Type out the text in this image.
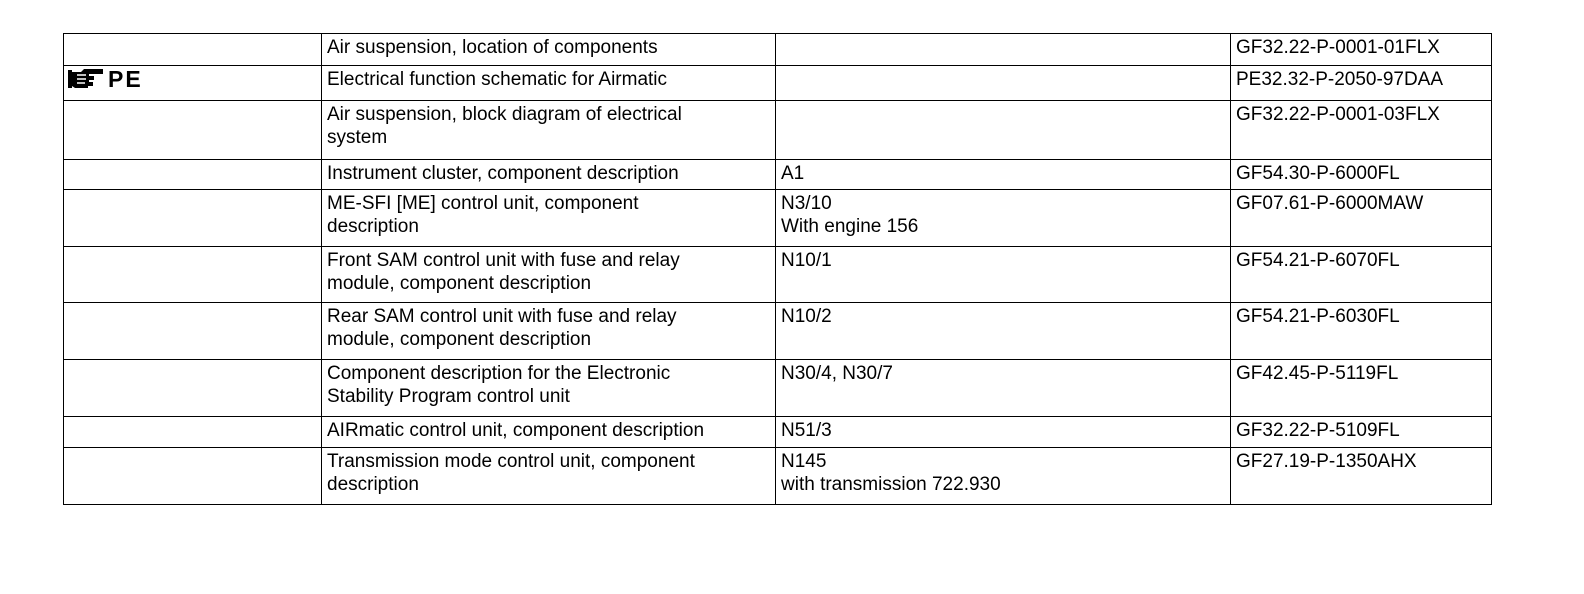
	Air suspension, location of components		GF32.22-P-0001-01FLX

PE	Electrical function schematic for Airmatic		PE32.32-P-2050-97DAA

	Air suspension, block diagram of electrical
system		GF32.22-P-0001-03FLX

	Instrument cluster, component description	A1	GF54.30-P-6000FL

	ME-SFI [ME] control unit, component
description	N3/10
With engine 156	GF07.61-P-6000MAW

	Front SAM control unit with fuse and relay
module, component description	N10/1	GF54.21-P-6070FL

	Rear SAM control unit with fuse and relay
module, component description	N10/2	GF54.21-P-6030FL

	Component description for the Electronic
Stability Program control unit	N30/4, N30/7	GF42.45-P-5119FL

	AIRmatic control unit, component description	N51/3	GF32.22-P-5109FL

	Transmission mode control unit, component
description	N145
with transmission 722.930	GF27.19-P-1350AHX
